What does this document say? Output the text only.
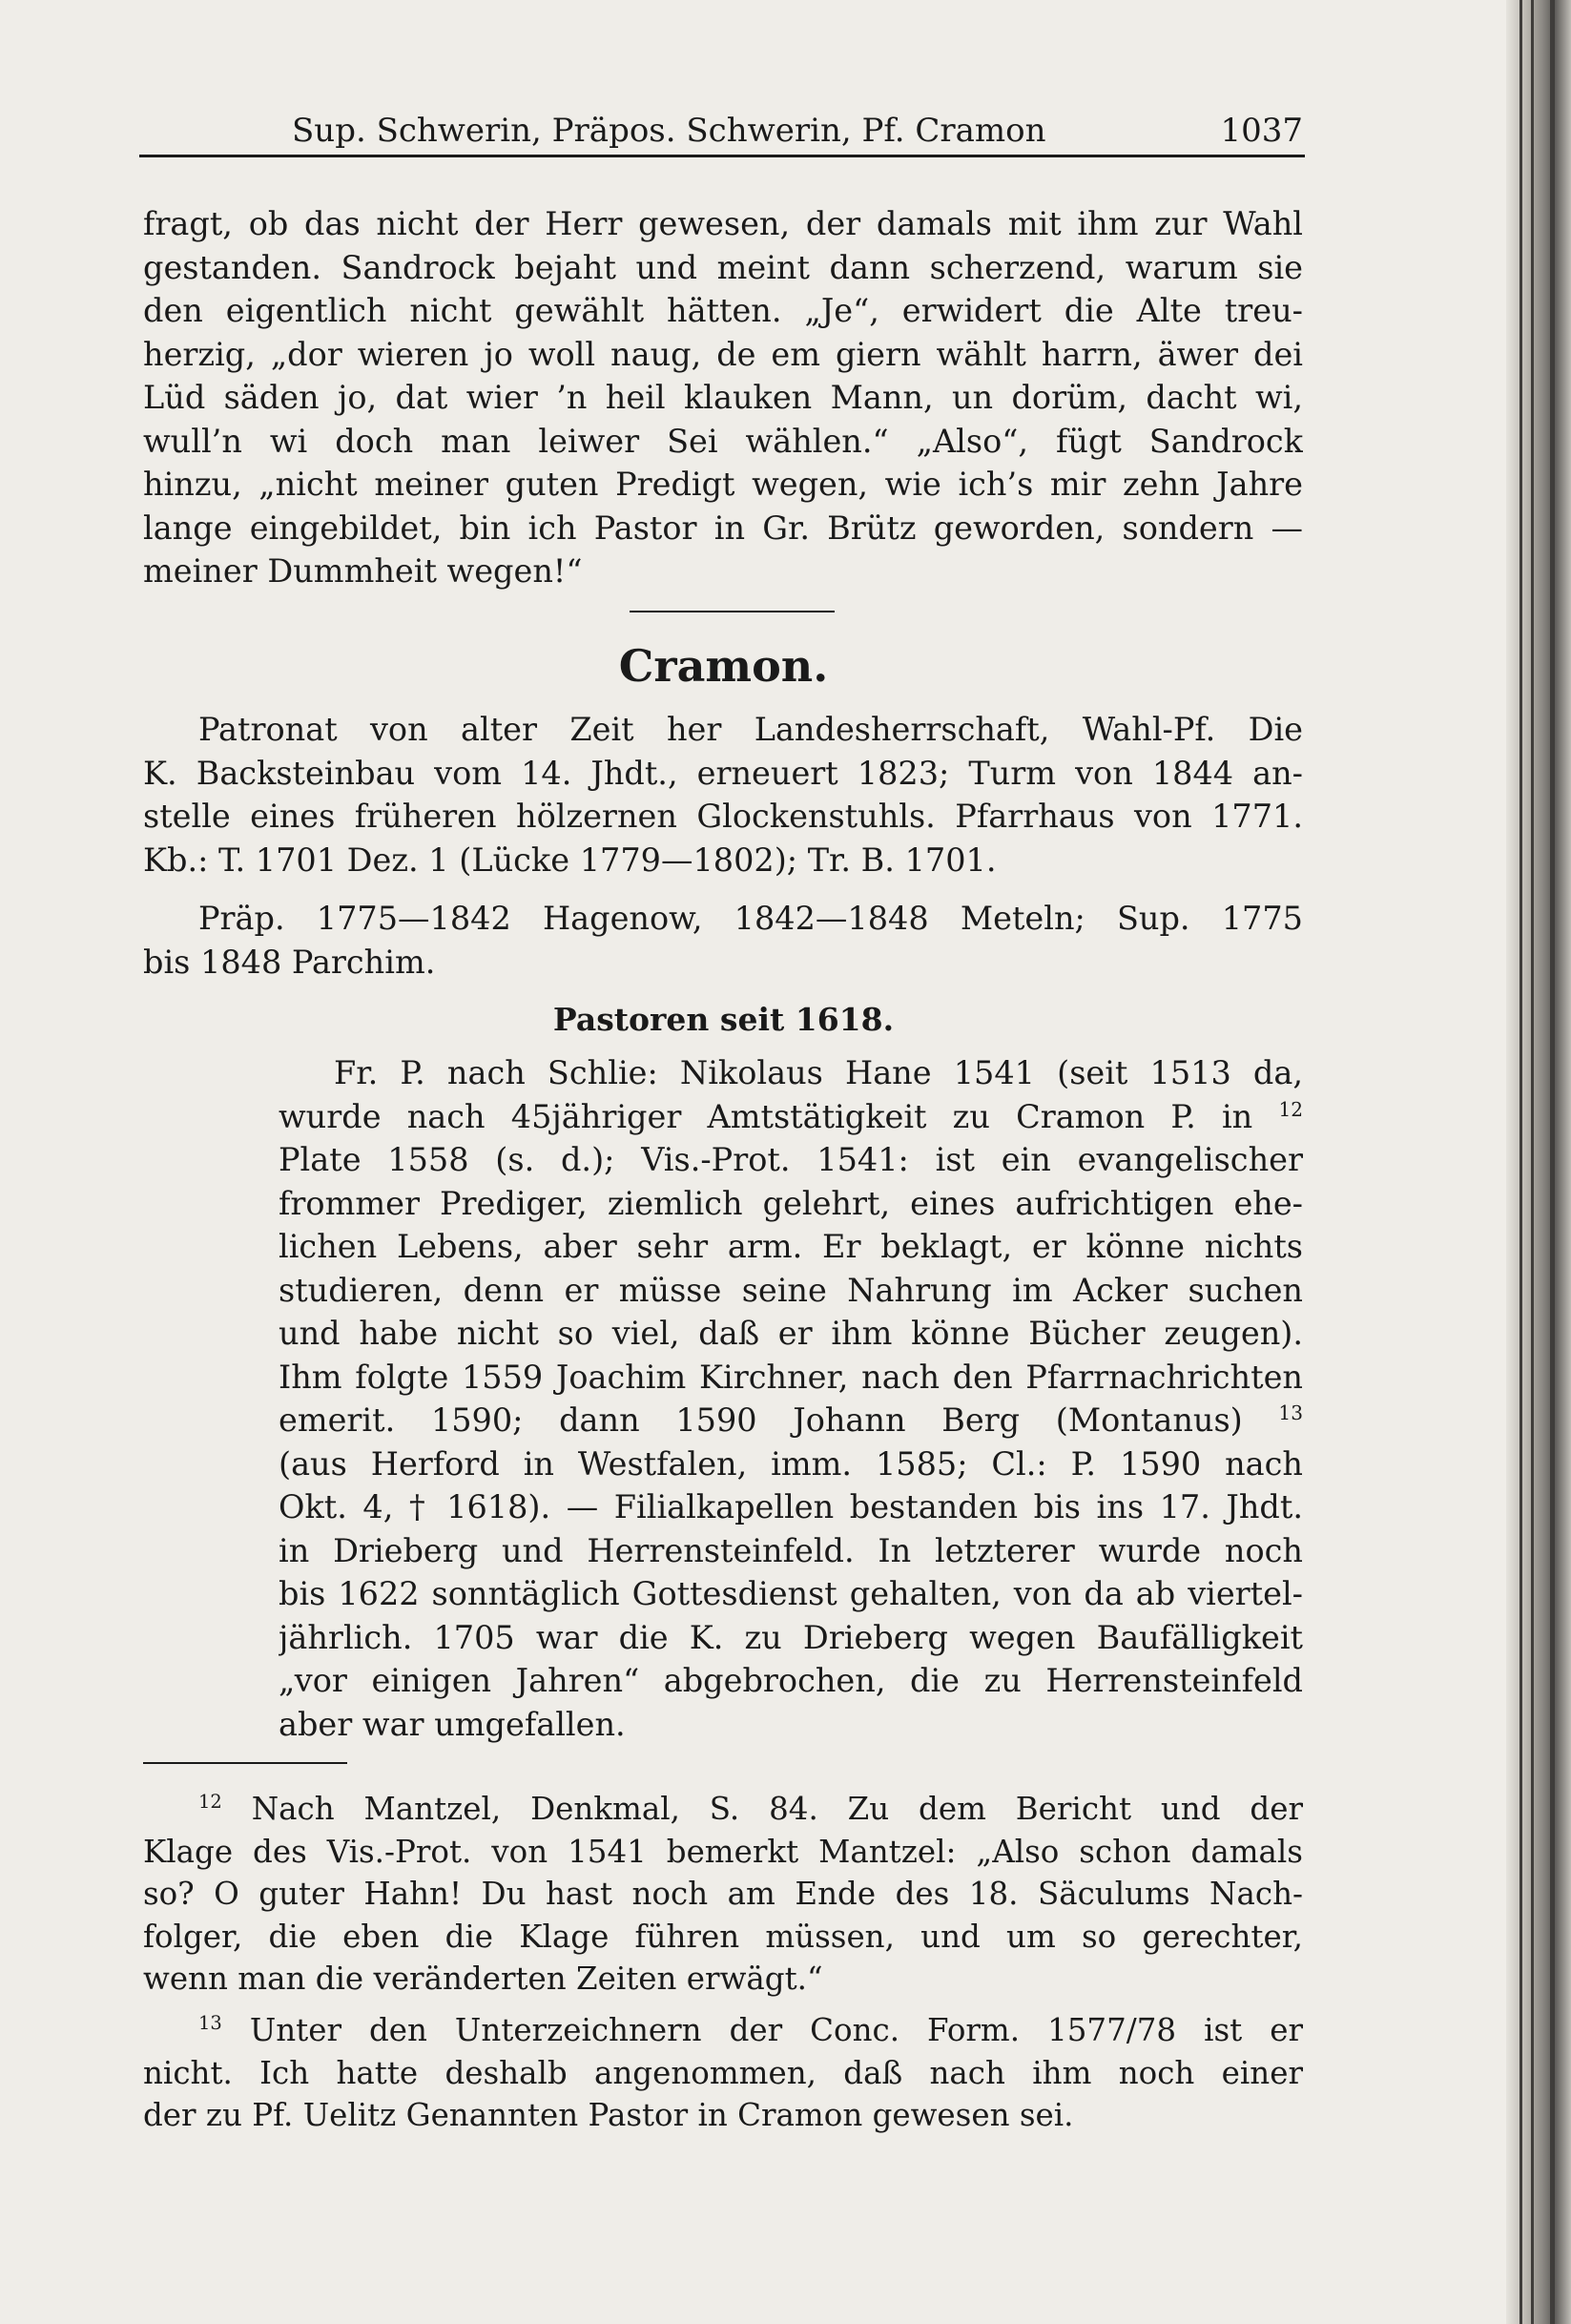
Sup. Schwerin, Präpos. Schwerin, Pf. Cramon	1037
fragt, ob das nicht der Herr gewesen, der damals mit ihm zur Wahl
gestanden. Sandrock bejaht und meint dann scherzend, warum sie
den eigentlich nicht gewählt hätten. „Je“, erwidert die Alte treu-
herzig, „dor wieren jo woll naug, de em giern wählt harrn, äwer dei
Lüd säden jo, dat wier ’n heil klauken Mann, un dorüm, dacht wi,
wull’n wi doch man leiwer Sei wählen.“ „Also“, fügt Sandrock
hinzu, „nicht meiner guten Predigt wegen, wie ich’s mir zehn Jahre
lange eingebildet, bin ich Pastor in Gr. Brütz geworden, sondern —
meiner Dummheit wegen!“
Cramon.
Patronat von alter Zeit her Landesherrschaft, Wahl-Pf. Die
K. Backsteinbau vom 14. Jhdt., erneuert 1823; Turm von 1844 an-
stelle eines früheren hölzernen Glockenstuhls. Pfarrhaus von 1771.
Kb.: T. 1701 Dez. 1 (Lücke 1779—1802); Tr. B. 1701.
Präp. 1775—1842 Hagenow, 1842—1848 Meteln; Sup. 1775
bis 1848 Parchim.
Pastoren seit 1618.
Fr. P. nach Schlie: Nikolaus Hane 1541 (seit 1513 da,
wurde nach 45jähriger Amtstätigkeit zu Cramon P. in $^{12}$
Plate 1558 (s. d.); Vis.-Prot. 1541: ist ein evangelischer
frommer Prediger, ziemlich gelehrt, eines aufrichtigen ehe-
lichen Lebens, aber sehr arm. Er beklagt, er könne nichts
studieren, denn er müsse seine Nahrung im Acker suchen
und habe nicht so viel, daß er ihm könne Bücher zeugen).
Ihm folgte 1559 Joachim Kirchner, nach den Pfarrnachrichten
emerit. 1590; dann 1590 Johann Berg (Montanus) $^{13}$
(aus Herford in Westfalen, imm. 1585; Cl.: P. 1590 nach
Okt. 4, † 1618). — Filialkapellen bestanden bis ins 17. Jhdt.
in Drieberg und Herrensteinfeld. In letzterer wurde noch
bis 1622 sonntäglich Gottesdienst gehalten, von da ab viertel-
jährlich. 1705 war die K. zu Drieberg wegen Baufälligkeit
„vor einigen Jahren“ abgebrochen, die zu Herrensteinfeld
aber war umgefallen.
$^{12}$ Nach Mantzel, Denkmal, S. 84. Zu dem Bericht und der
Klage des Vis.-Prot. von 1541 bemerkt Mantzel: „Also schon damals
so? O guter Hahn! Du hast noch am Ende des 18. Säculums Nach-
folger, die eben die Klage führen müssen, und um so gerechter,
wenn man die veränderten Zeiten erwägt.“
$^{13}$ Unter den Unterzeichnern der Conc. Form. 1577/78 ist er
nicht. Ich hatte deshalb angenommen, daß nach ihm noch einer
der zu Pf. Uelitz Genannten Pastor in Cramon gewesen sei.
